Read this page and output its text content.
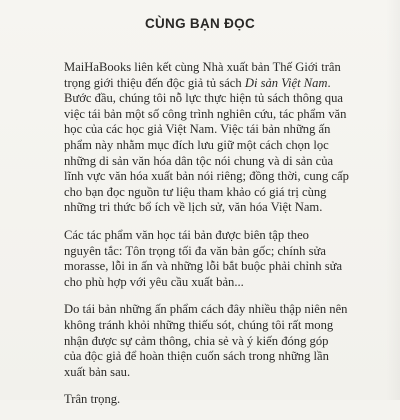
CÙNG BẠN ĐỌC

MaiHaBooks liên kết cùng Nhà xuất bản Thế Giới trân trọng giới thiệu đến độc giả tủ sách Di sản Việt Nam. Bước đầu, chúng tôi nỗ lực thực hiện tủ sách thông qua việc tái bản một số công trình nghiên cứu, tác phẩm văn học của các học giả Việt Nam. Việc tái bản những ấn phẩm này nhằm mục đích lưu giữ một cách chọn lọc những di sản văn hóa dân tộc nói chung và di sản của lĩnh vực văn hóa xuất bản nói riêng; đồng thời, cung cấp cho bạn đọc nguồn tư liệu tham khảo có giá trị cùng những tri thức bổ ích về lịch sử, văn hóa Việt Nam.

Các tác phẩm văn học tái bản được biên tập theo nguyên tắc: Tôn trọng tối đa văn bản gốc; chính sửa morasse, lỗi in ấn và những lỗi bắt buộc phải chỉnh sửa cho phù hợp với yêu cầu xuất bản...

Do tái bản những ấn phẩm cách đây nhiều thập niên nên không tránh khỏi những thiếu sót, chúng tôi rất mong nhận được sự cảm thông, chia sẻ và ý kiến đóng góp của độc giả để hoàn thiện cuốn sách trong những lần xuất bản sau.

Trân trọng.
